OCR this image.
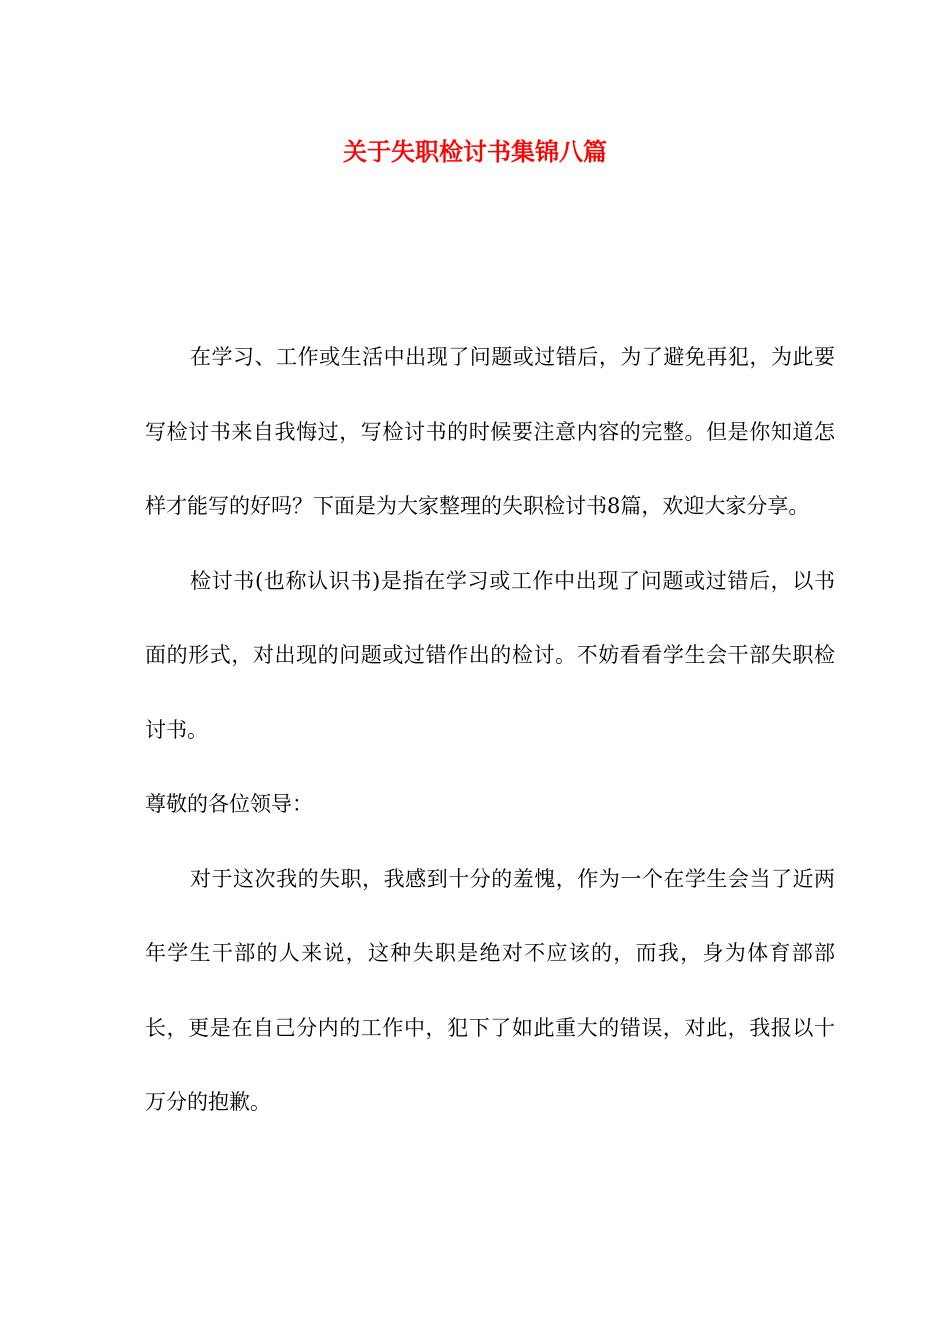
关于失职检讨书集锦八篇

在学习、工作或生活中出现了问题或过错后，为了避免再犯，为此要写检讨书来自我悔过，写检讨书的时候要注意内容的完整。但是你知道怎样才能写的好吗？下面是为大家整理的失职检讨书8篇，欢迎大家分享。

检讨书(也称认识书)是指在学习或工作中出现了问题或过错后，以书面的形式，对出现的问题或过错作出的检讨。不妨看看学生会干部失职检讨书。

尊敬的各位领导：

对于这次我的失职，我感到十分的羞愧，作为一个在学生会当了近两年学生干部的人来说，这种失职是绝对不应该的，而我，身为体育部部长，更是在自己分内的工作中，犯下了如此重大的错误，对此，我报以十万分的抱歉。
